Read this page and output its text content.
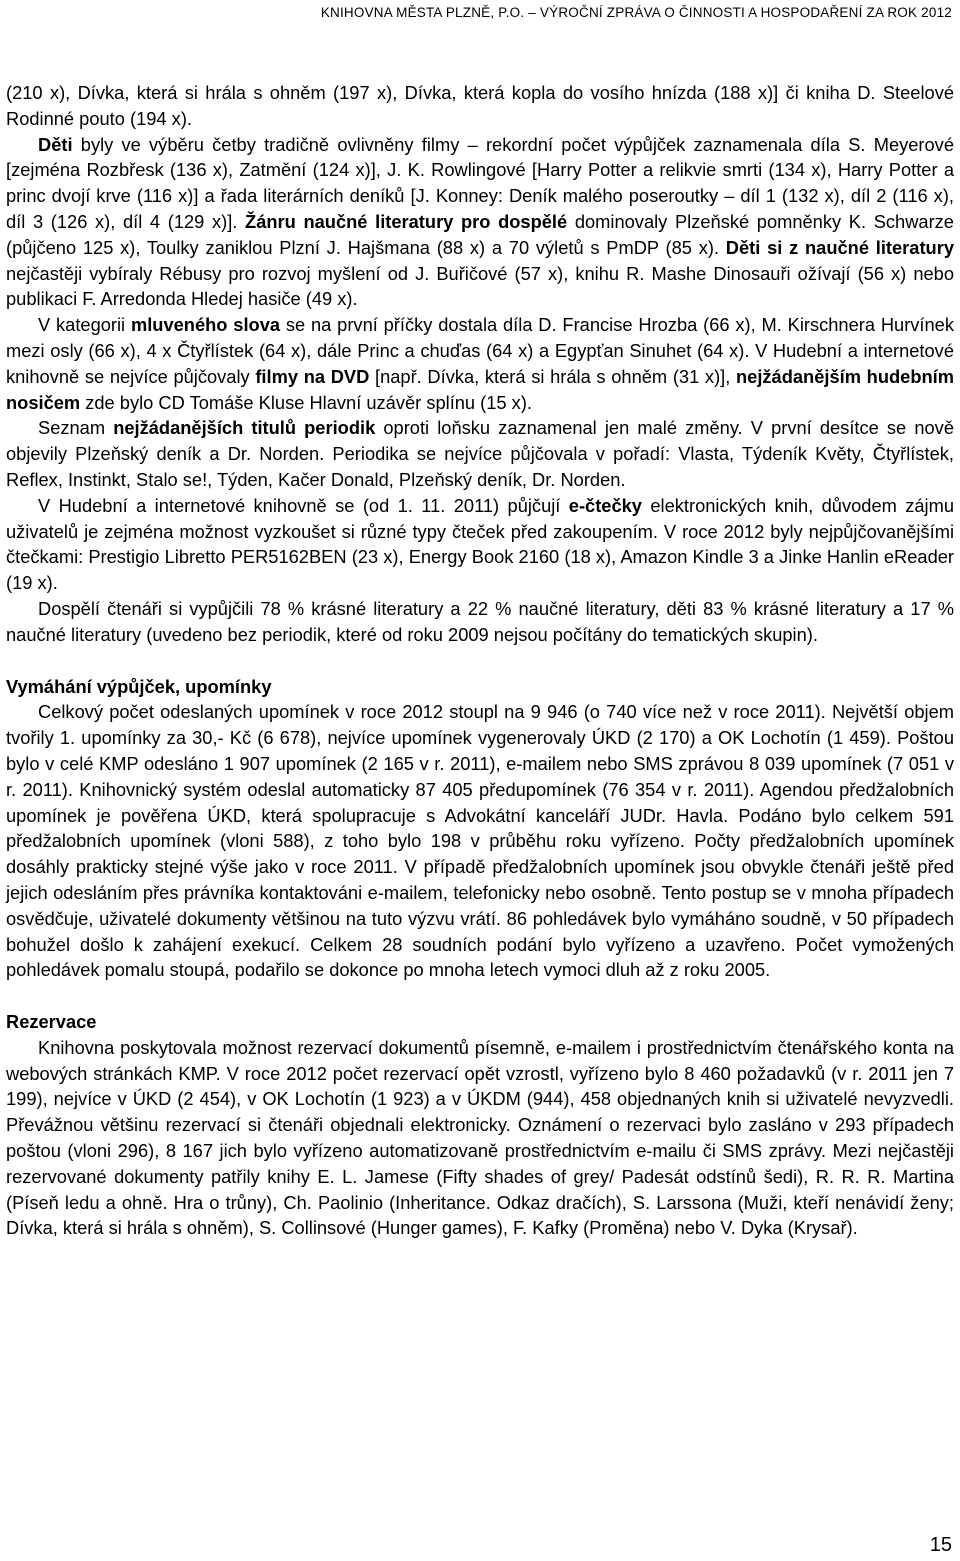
KNIHOVNA MĚSTA PLZNĚ, P.O. – VÝROČNÍ ZPRÁVA O ČINNOSTI A HOSPODAŘENÍ ZA ROK 2012

(210 x), Dívka, která si hrála s ohněm (197 x), Dívka, která kopla do vosího hnízda (188 x)] či kniha D. Steelové Rodinné pouto (194 x).

Děti byly ve výběru četby tradičně ovlivněny filmy – rekordní počet výpůjček zaznamenala díla S. Meyerové [zejména Rozbřesk (136 x), Zatmění (124 x)], J. K. Rowlingové [Harry Potter a relikvie smrti (134 x), Harry Potter a princ dvojí krve (116 x)] a řada literárních deníků [J. Konney: Deník malého poseroutky – díl 1 (132 x), díl 2 (116 x), díl 3 (126 x), díl 4 (129 x)]. Žánru naučné literatury pro dospělé dominovaly Plzeňské pomněnky K. Schwarze (půjčeno 125 x), Toulky zaniklou Plzní J. Hajšmana (88 x) a 70 výletů s PmDP (85 x). Děti si z naučné literatury nejčastěji vybíraly Rébusy pro rozvoj myšlení od J. Buřičové (57 x), knihu R. Mashe Dinosauři ožívají (56 x) nebo publikaci F. Arredonda Hledej hasiče (49 x).

V kategorii mluveného slova se na první příčky dostala díla D. Francise Hrozba (66 x), M. Kirschnera Hurvínek mezi osly (66 x), 4 x Čtyřlístek (64 x), dále Princ a chuďas (64 x) a Egypťan Sinuhet (64 x). V Hudební a internetové knihovně se nejvíce půjčovaly filmy na DVD [např. Dívka, která si hrála s ohněm (31 x)], nejžádanějším hudebním nosičem zde bylo CD Tomáše Kluse Hlavní uzávěr splínu (15 x).

Seznam nejžádanějších titulů periodik oproti loňsku zaznamenal jen malé změny. V první desítce se nově objevily Plzeňský deník a Dr. Norden. Periodika se nejvíce půjčovala v pořadí: Vlasta, Týdeník Květy, Čtyřlístek, Reflex, Instinkt, Stalo se!, Týden, Kačer Donald, Plzeňský deník, Dr. Norden.

V Hudební a internetové knihovně se (od 1. 11. 2011) půjčují e-čtečky elektronických knih, důvodem zájmu uživatelů je zejména možnost vyzkoušet si různé typy čteček před zakoupením. V roce 2012 byly nejpůjčovanějšími čtečkami: Prestigio Libretto PER5162BEN (23 x), Energy Book 2160 (18 x), Amazon Kindle 3 a Jinke Hanlin eReader (19 x).

Dospělí čtenáři si vypůjčili 78 % krásné literatury a 22 % naučné literatury, děti 83 % krásné literatury a 17 % naučné literatury (uvedeno bez periodik, které od roku 2009 nejsou počítány do tematických skupin).

Vymáhání výpůjček, upomínky

Celkový počet odeslaných upomínek v roce 2012 stoupl na 9 946 (o 740 více než v roce 2011). Největší objem tvořily 1. upomínky za 30,- Kč (6 678), nejvíce upomínek vygenerovaly ÚKD (2 170) a OK Lochotín (1 459). Poštou bylo v celé KMP odesláno 1 907 upomínek (2 165 v r. 2011), e-mailem nebo SMS zprávou 8 039 upomínek (7 051 v r. 2011). Knihovnický systém odeslal automaticky 87 405 předupomínek (76 354 v r. 2011). Agendou předžalobních upomínek je pověřena ÚKD, která spolupracuje s Advokátní kanceláří JUDr. Havla. Podáno bylo celkem 591 předžalobních upomínek (vloni 588), z toho bylo 198 v průběhu roku vyřízeno. Počty předžalobních upomínek dosáhly prakticky stejné výše jako v roce 2011. V případě předžalobních upomínek jsou obvykle čtenáři ještě před jejich odesláním přes právníka kontaktováni e-mailem, telefonicky nebo osobně. Tento postup se v mnoha případech osvědčuje, uživatelé dokumenty většinou na tuto výzvu vrátí. 86 pohledávek bylo vymáháno soudně, v 50 případech bohužel došlo k zahájení exekucí. Celkem 28 soudních podání bylo vyřízeno a uzavřeno. Počet vymožených pohledávek pomalu stoupá, podařilo se dokonce po mnoha letech vymoci dluh až z roku 2005.

Rezervace

Knihovna poskytovala možnost rezervací dokumentů písemně, e-mailem i prostřednictvím čtenářského konta na webových stránkách KMP. V roce 2012 počet rezervací opět vzrostl, vyřízeno bylo 8 460 požadavků (v r. 2011 jen 7 199), nejvíce v ÚKD (2 454), v OK Lochotín (1 923) a v ÚKDM (944), 458 objednaných knih si uživatelé nevyzvedli. Převážnou většinu rezervací si čtenáři objednali elektronicky. Oznámení o rezervaci bylo zasláno v 293 případech poštou (vloni 296), 8 167 jich bylo vyřízeno automatizovaně prostřednictvím e-mailu či SMS zprávy. Mezi nejčastěji rezervované dokumenty patřily knihy E. L. Jamese (Fifty shades of grey/ Padesát odstínů šedi), R. R. R. Martina (Píseň ledu a ohně. Hra o trůny), Ch. Paolinio (Inheritance. Odkaz dračích), S. Larssona (Muži, kteří nenávidí ženy; Dívka, která si hrála s ohněm), S. Collinsové (Hunger games), F. Kafky (Proměna) nebo V. Dyka (Krysař).

15
